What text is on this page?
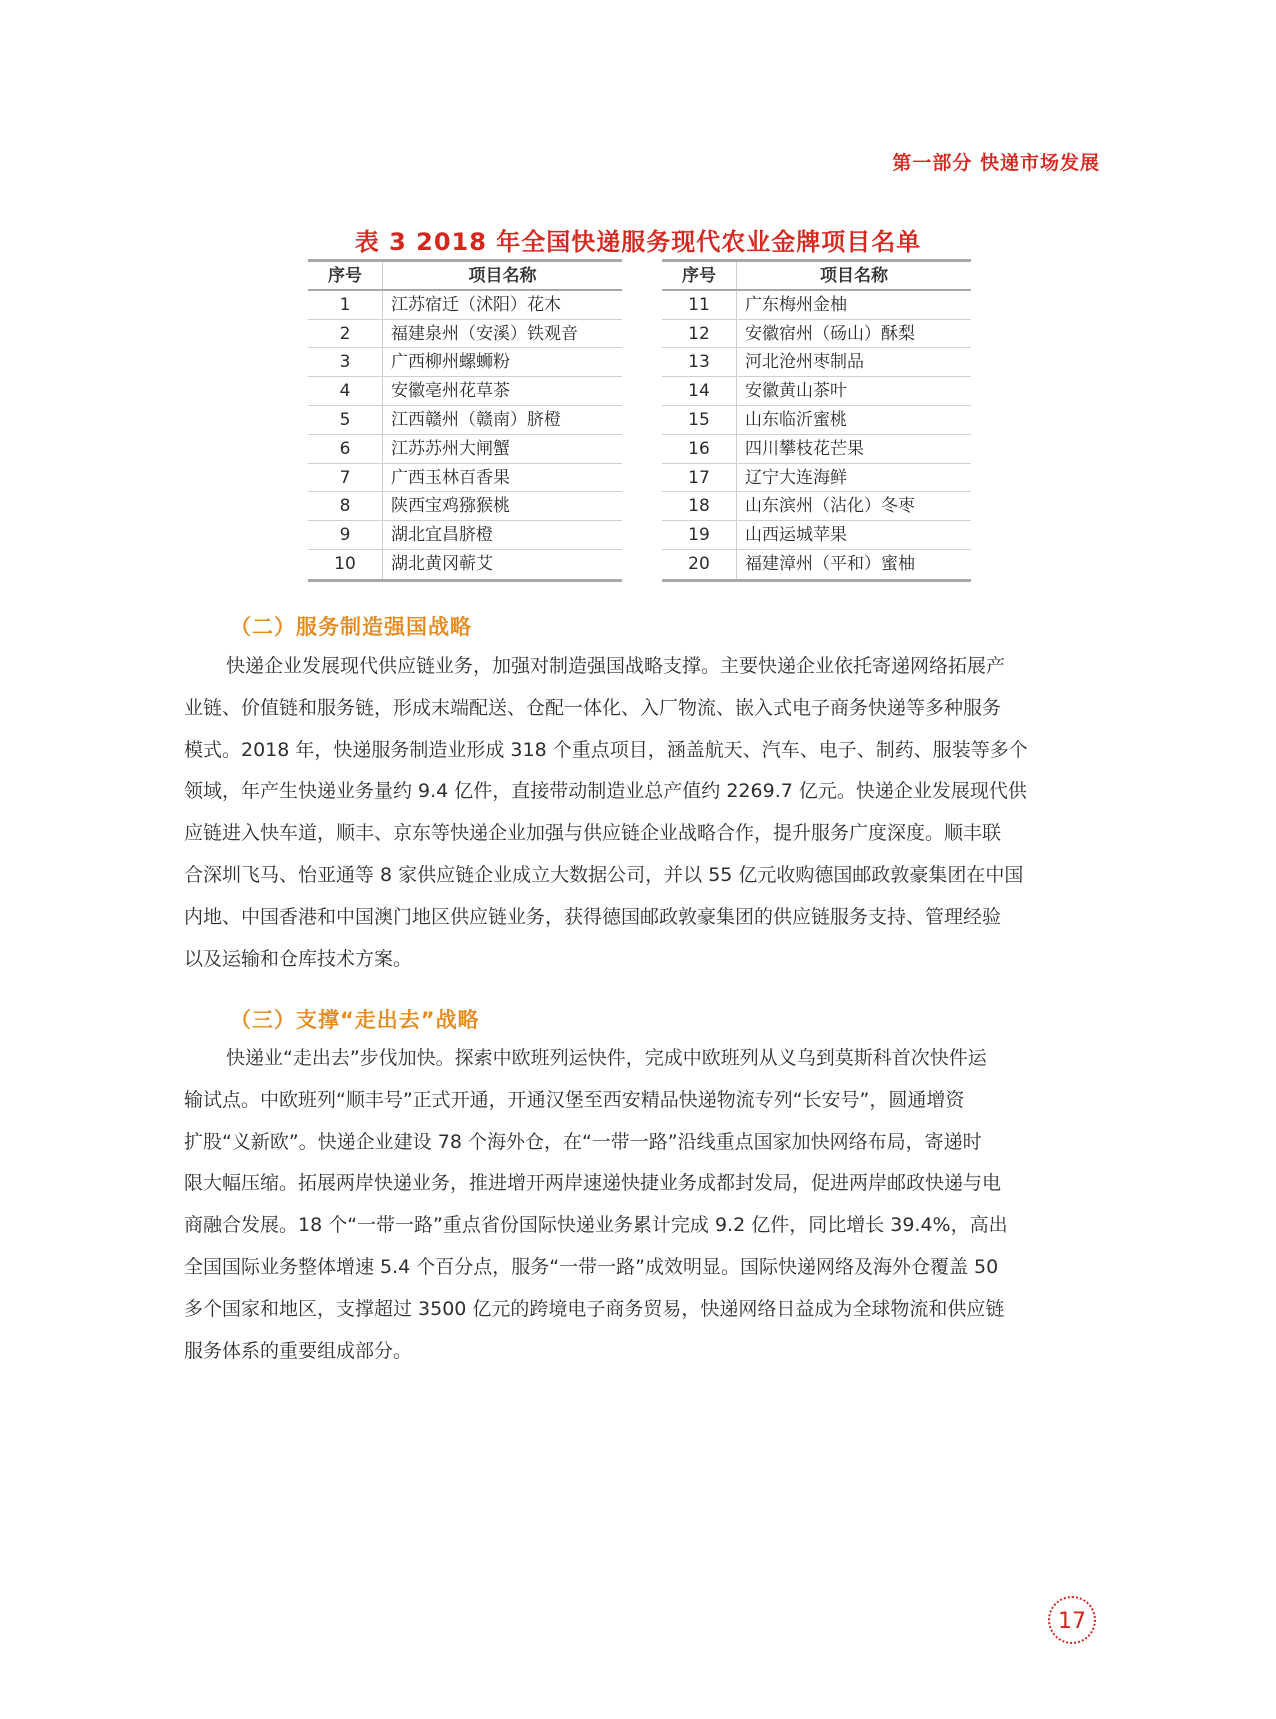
第一部分 快递市场发展
表 3 2018 年全国快递服务现代农业金牌项目名单
序号	项目名称
1	江苏宿迁（沭阳）花木
2	福建泉州（安溪）铁观音
3	广西柳州螺蛳粉
4	安徽亳州花草茶
5	江西赣州（赣南）脐橙
6	江苏苏州大闸蟹
7	广西玉林百香果
8	陕西宝鸡猕猴桃
9	湖北宜昌脐橙
10	湖北黄冈蕲艾
序号	项目名称
11	广东梅州金柚
12	安徽宿州（砀山）酥梨
13	河北沧州枣制品
14	安徽黄山茶叶
15	山东临沂蜜桃
16	四川攀枝花芒果
17	辽宁大连海鲜
18	山东滨州（沾化）冬枣
19	山西运城苹果
20	福建漳州（平和）蜜柚
（二）服务制造强国战略
快递企业发展现代供应链业务，加强对制造强国战略支撑。主要快递企业依托寄递网络拓展产
业链、价值链和服务链，形成末端配送、仓配一体化、入厂物流、嵌入式电子商务快递等多种服务
模式。2018 年，快递服务制造业形成 318 个重点项目，涵盖航天、汽车、电子、制药、服装等多个
领域，年产生快递业务量约 9.4 亿件，直接带动制造业总产值约 2269.7 亿元。快递企业发展现代供
应链进入快车道，顺丰、京东等快递企业加强与供应链企业战略合作，提升服务广度深度。顺丰联
合深圳飞马、怡亚通等 8 家供应链企业成立大数据公司，并以 55 亿元收购德国邮政敦豪集团在中国
内地、中国香港和中国澳门地区供应链业务，获得德国邮政敦豪集团的供应链服务支持、管理经验
以及运输和仓库技术方案。
（三）支撑“走出去”战略
快递业“走出去”步伐加快。探索中欧班列运快件，完成中欧班列从义乌到莫斯科首次快件运
输试点。中欧班列“顺丰号”正式开通，开通汉堡至西安精品快递物流专列“长安号”，圆通增资
扩股“义新欧”。快递企业建设 78 个海外仓，在“一带一路”沿线重点国家加快网络布局，寄递时
限大幅压缩。拓展两岸快递业务，推进增开两岸速递快捷业务成都封发局，促进两岸邮政快递与电
商融合发展。18 个“一带一路”重点省份国际快递业务累计完成 9.2 亿件，同比增长 39.4%，高出
全国国际业务整体增速 5.4 个百分点，服务“一带一路”成效明显。国际快递网络及海外仓覆盖 50
多个国家和地区，支撑超过 3500 亿元的跨境电子商务贸易，快递网络日益成为全球物流和供应链
服务体系的重要组成部分。
17
